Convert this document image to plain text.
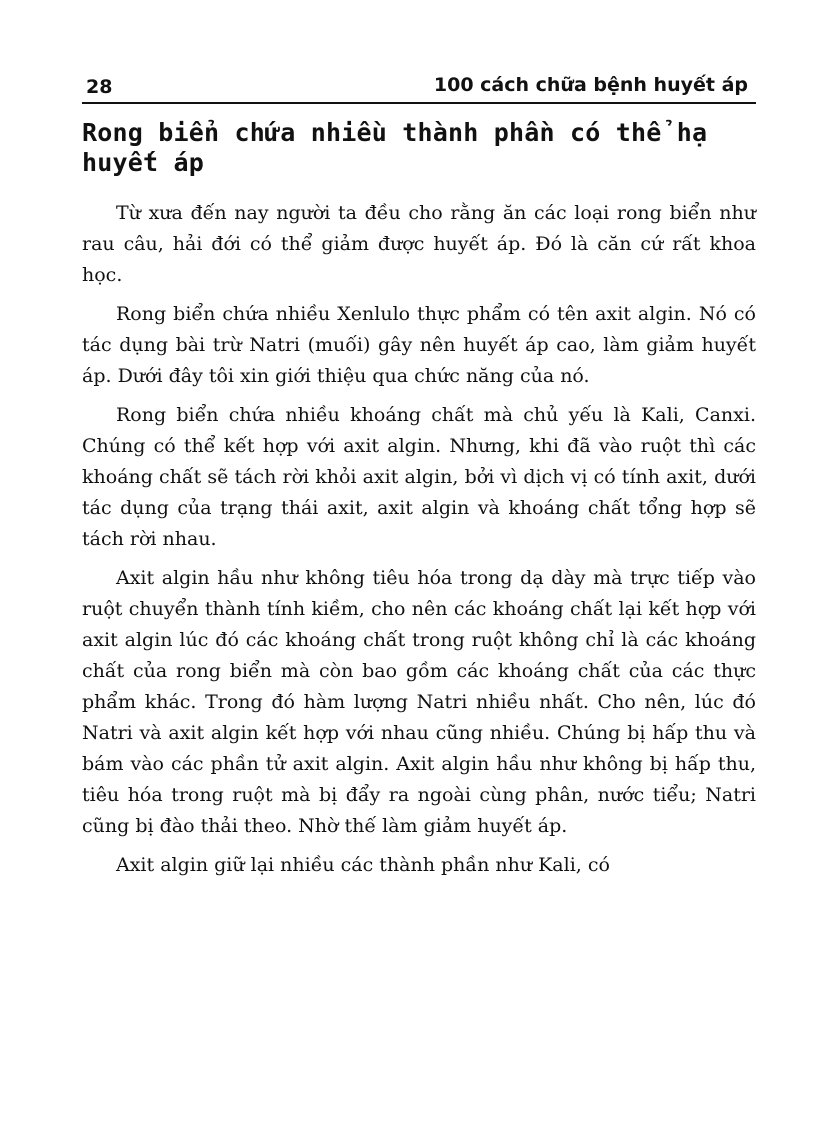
28	100 cách chữa bệnh huyết áp
Rong biển chứa nhiều thành phần có thể hạ huyết áp

Từ xưa đến nay người ta đều cho rằng ăn các loại rong biển như rau câu, hải đới có thể giảm được huyết áp. Đó là căn cứ rất khoa học.

Rong biển chứa nhiều Xenlulo thực phẩm có tên axit algin. Nó có tác dụng bài trừ Natri (muối) gây nên huyết áp cao, làm giảm huyết áp. Dưới đây tôi xin giới thiệu qua chức năng của nó.

Rong biển chứa nhiều khoáng chất mà chủ yếu là Kali, Canxi. Chúng có thể kết hợp với axit algin. Nhưng, khi đã vào ruột thì các khoáng chất sẽ tách rời khỏi axit algin, bởi vì dịch vị có tính axit, dưới tác dụng của trạng thái axit, axit algin và khoáng chất tổng hợp sẽ tách rời nhau.

Axit algin hầu như không tiêu hóa trong dạ dày mà trực tiếp vào ruột chuyển thành tính kiềm, cho nên các khoáng chất lại kết hợp với axit algin lúc đó các khoáng chất trong ruột không chỉ là các khoáng chất của rong biển mà còn bao gồm các khoáng chất của các thực phẩm khác. Trong đó hàm lượng Natri nhiều nhất. Cho nên, lúc đó Natri và axit algin kết hợp với nhau cũng nhiều. Chúng bị hấp thu và bám vào các phần tử axit algin. Axit algin hầu như không bị hấp thu, tiêu hóa trong ruột mà bị đẩy ra ngoài cùng phân, nước tiểu; Natri cũng bị đào thải theo. Nhờ thế làm giảm huyết áp.

Axit algin giữ lại nhiều các thành phần như Kali, có
